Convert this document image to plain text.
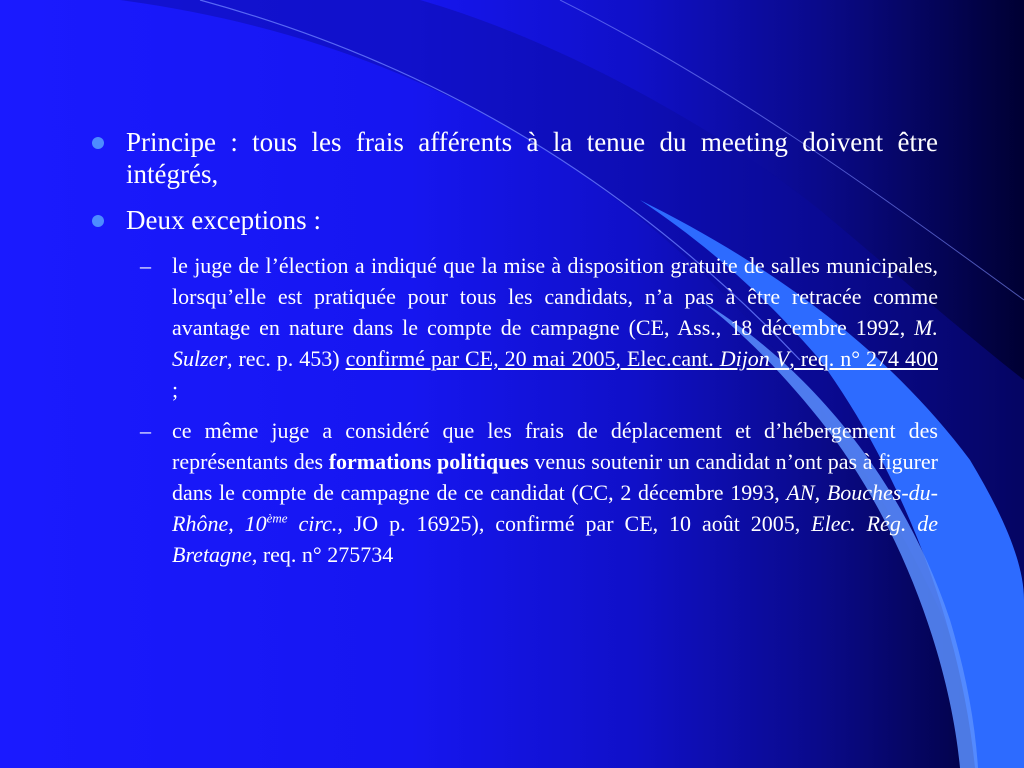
Principe : tous les frais afférents à la tenue du meeting doivent être intégrés,
Deux exceptions :
– le juge de l’élection a indiqué que la mise à disposition gratuite de salles municipales, lorsqu’elle est pratiquée pour tous les candidats, n’a pas à être retracée comme avantage en nature dans le compte de campagne (CE, Ass., 18 décembre 1992, M. Sulzer, rec. p. 453) confirmé par CE, 20 mai 2005, Elec.cant. Dijon V, req. n° 274 400 ;
– ce même juge a considéré que les frais de déplacement et d’hébergement des représentants des formations politiques venus soutenir un candidat n’ont pas à figurer dans le compte de campagne de ce candidat (CC, 2 décembre 1993, AN, Bouches-du-Rhône, 10ème circ., JO p. 16925), confirmé par CE, 10 août 2005, Elec. Rég. de Bretagne, req. n° 275734
